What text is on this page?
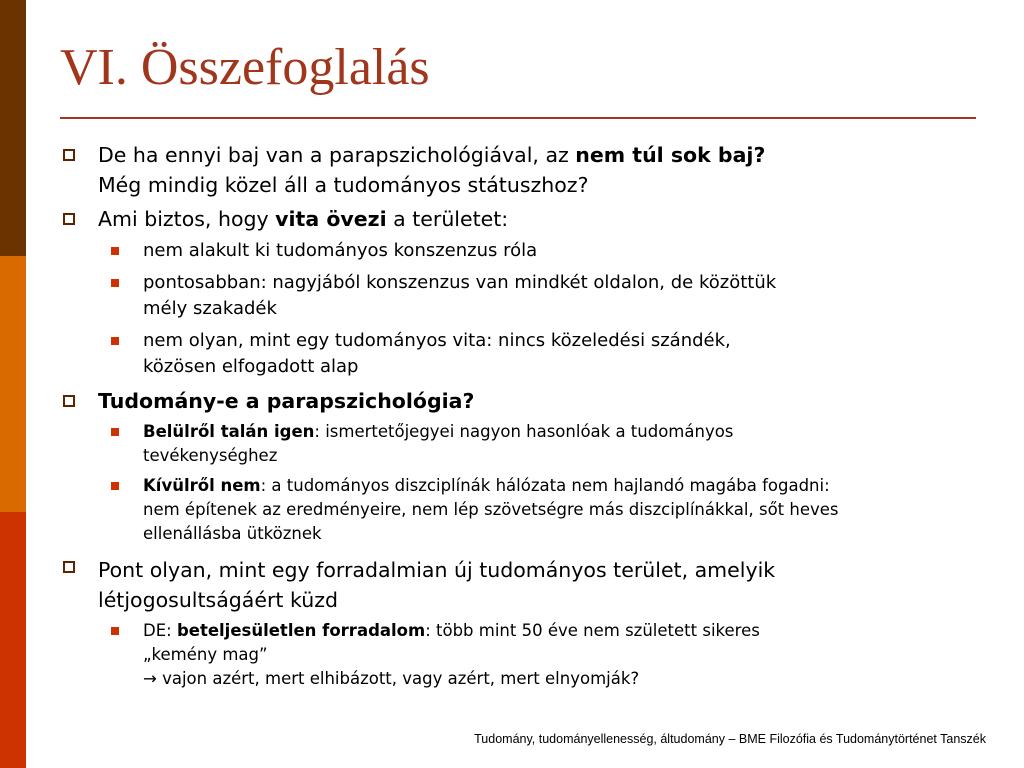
VI. Összefoglalás
De ha ennyi baj van a parapszichológiával, az nem túl sok baj?
Még mindig közel áll a tudományos státuszhoz?
Ami biztos, hogy vita övezi a területet:
nem alakult ki tudományos konszenzus róla
pontosabban: nagyjából konszenzus van mindkét oldalon, de közöttük
mély szakadék
nem olyan, mint egy tudományos vita: nincs közeledési szándék,
közösen elfogadott alap
Tudomány-e a parapszichológia?
Belülről talán igen: ismertetőjegyei nagyon hasonlóak a tudományos
tevékenységhez
Kívülről nem: a tudományos diszciplínák hálózata nem hajlandó magába fogadni:
nem építenek az eredményeire, nem lép szövetségre más diszciplínákkal, sőt heves
ellenállásba ütköznek
Pont olyan, mint egy forradalmian új tudományos terület, amelyik
létjogosultságáért küzd
DE: beteljesületlen forradalom: több mint 50 éve nem született sikeres
„kemény mag”
→ vajon azért, mert elhibázott, vagy azért, mert elnyomják?
Tudomány, tudományellenesség, áltudomány – BME Filozófia és Tudománytörténet Tanszék
